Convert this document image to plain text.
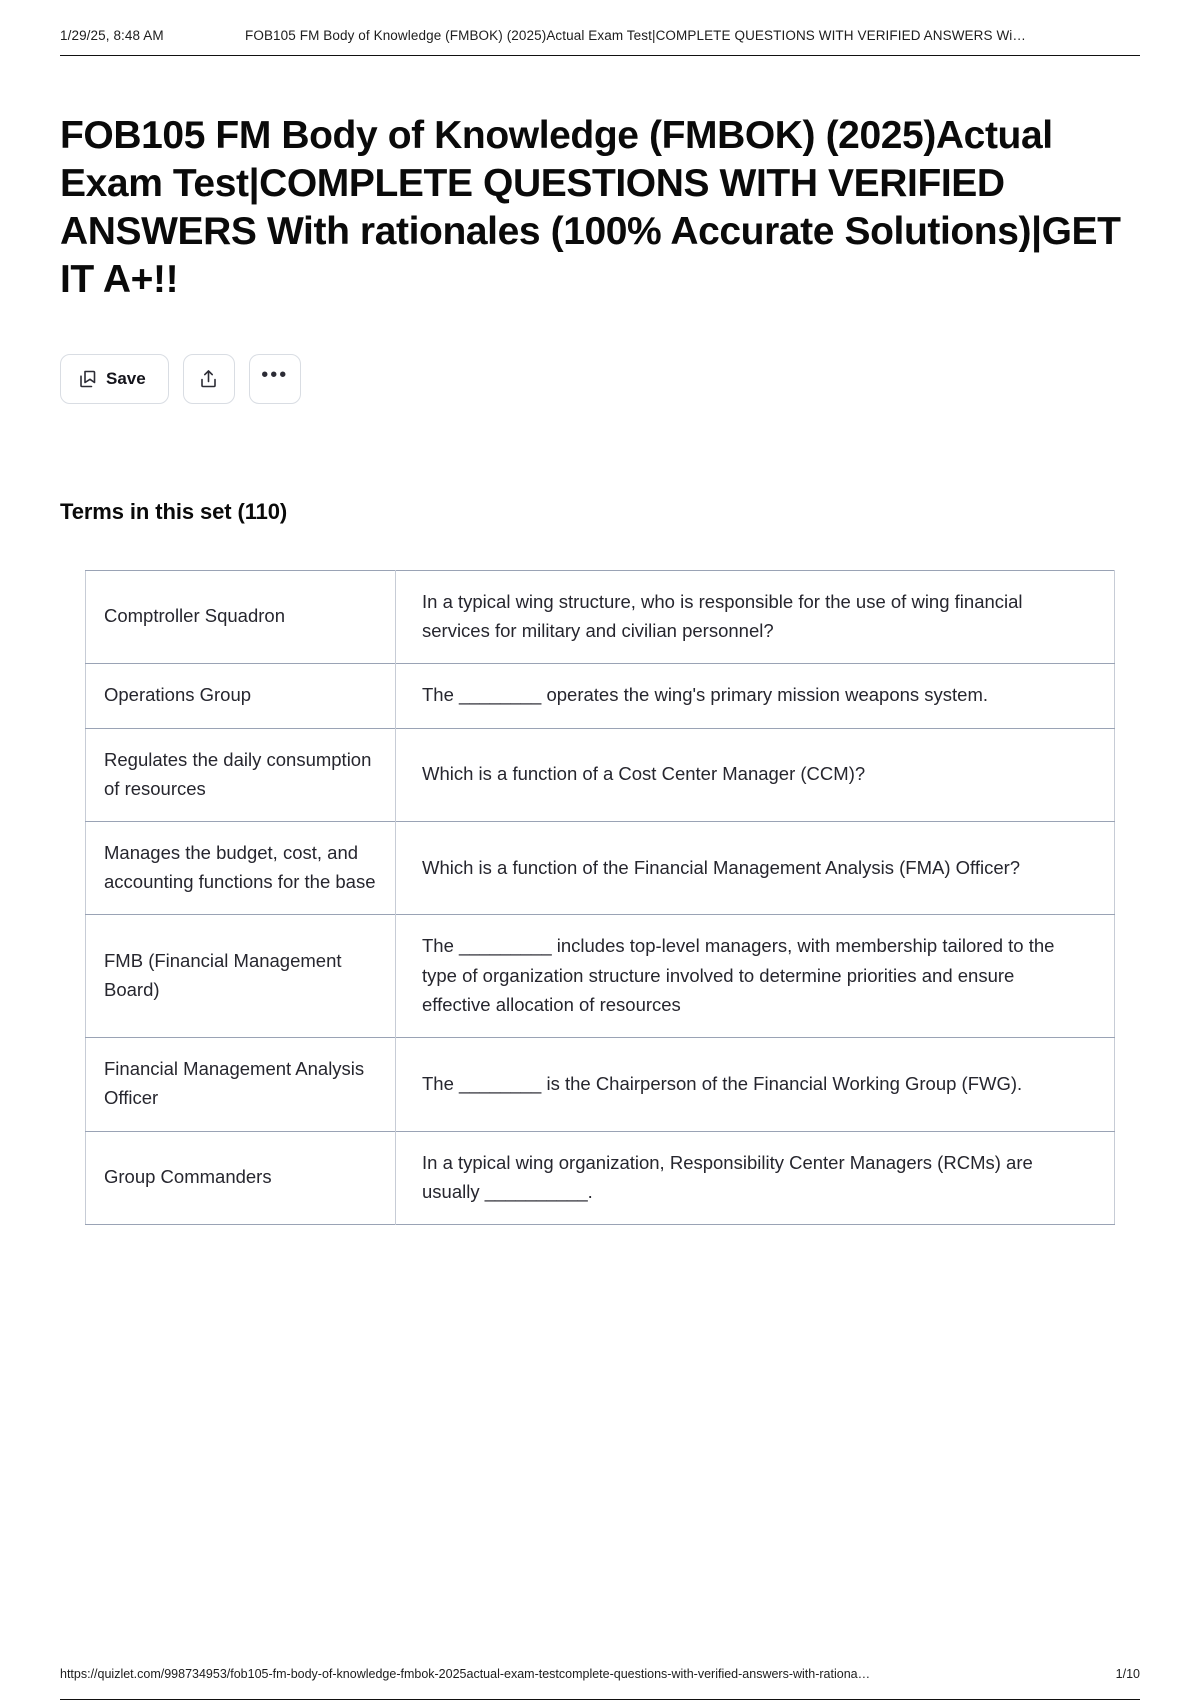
1/29/25, 8:48 AM	FOB105 FM Body of Knowledge (FMBOK) (2025)Actual Exam Test|COMPLETE QUESTIONS WITH VERIFIED ANSWERS Wi…
FOB105 FM Body of Knowledge (FMBOK) (2025)Actual Exam Test|COMPLETE QUESTIONS WITH VERIFIED ANSWERS With rationales (100% Accurate Solutions)|GET IT A+!!
Save	•••
Terms in this set (110)
Comptroller Squadron	In a typical wing structure, who is responsible for the use of wing financial services for military and civilian personnel?
Operations Group	The ________ operates the wing's primary mission weapons system.
Regulates the daily consumption of resources	Which is a function of a Cost Center Manager (CCM)?
Manages the budget, cost, and accounting functions for the base	Which is a function of the Financial Management Analysis (FMA) Officer?
FMB (Financial Management Board)	The _________ includes top-level managers, with membership tailored to the type of organization structure involved to determine priorities and ensure effective allocation of resources
Financial Management Analysis Officer	The ________ is the Chairperson of the Financial Working Group (FWG).
Group Commanders	In a typical wing organization, Responsibility Center Managers (RCMs) are usually __________.
https://quizlet.com/998734953/fob105-fm-body-of-knowledge-fmbok-2025actual-exam-testcomplete-questions-with-verified-answers-with-rationa…	1/10
